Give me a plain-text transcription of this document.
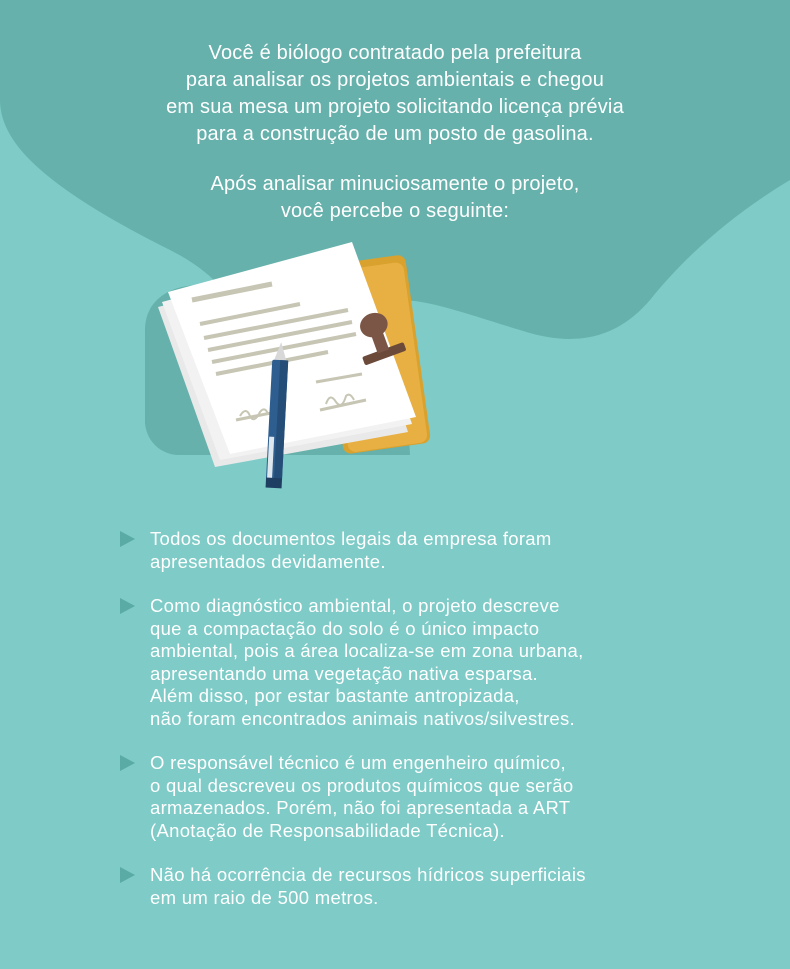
Você é biólogo contratado pela prefeitura
para analisar os projetos ambientais e chegou
em sua mesa um projeto solicitando licença prévia
para a construção de um posto de gasolina.

Após analisar minuciosamente o projeto,
você percebe o seguinte:

Todos os documentos legais da empresa foram
apresentados devidamente.
Como diagnóstico ambiental, o projeto descreve
que a compactação do solo é o único impacto
ambiental, pois a área localiza-se em zona urbana,
apresentando uma vegetação nativa esparsa.
Além disso, por estar bastante antropizada,
não foram encontrados animais nativos/silvestres.
O responsável técnico é um engenheiro químico,
o qual descreveu os produtos químicos que serão
armazenados. Porém, não foi apresentada a ART
(Anotação de Responsabilidade Técnica).
Não há ocorrência de recursos hídricos superficiais
em um raio de 500 metros.
